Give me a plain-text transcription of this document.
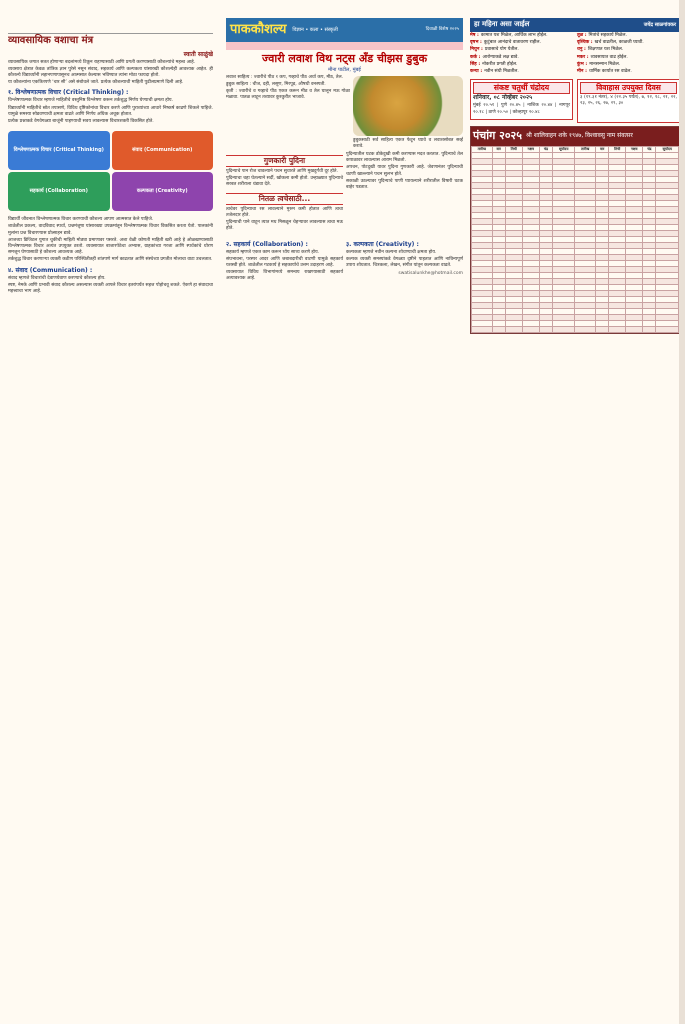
व्यावसायिक वशाचा मंत्र
स्वाती साळुंखे

व्यावसायिक जगात सतत होणाऱ्या बदलांमध्ये टिकून राहण्यासाठी आणि प्रगती करण्यासाठी कौशल्यांचे महत्त्व आहे.

व्यवसाय क्षेत्रात केवळ तांत्रिक ज्ञान पुरेसे नसून संवाद, सहकार्य आणि कल्पकता यांसारखी कौशल्येही आवश्यक आहेत. ही कौशल्ये विद्यार्थ्यांनी लहानपणापासूनच आत्मसात केल्यास भविष्यात त्यांना मोठा फायदा होतो.

या कौशल्यांना एकत्रितपणे ‘चार सी’ असे संबोधले जाते. प्रत्येक कौशल्याची माहिती पुढीलप्रमाणे दिली आहे.

१. विश्लेषणात्मक विचार (Critical Thinking) :

विश्लेषणात्मक विचार म्हणजे माहितीचे वस्तुनिष्ठ विश्लेषण करून तर्कशुद्ध निर्णय घेण्याची क्षमता होय.

विद्यार्थ्यांनी माहितीचे स्रोत तपासणे, विविध दृष्टिकोनांचा विचार करणे आणि पुराव्यांच्या आधारे निष्कर्ष काढणे शिकले पाहिजे. यामुळे समस्या सोडवण्याची क्षमता वाढते आणि निर्णय अधिक अचूक होतात.

प्रत्येक प्रश्नाकडे वेगवेगळ्या बाजूंनी पाहण्याची सवय लावल्यास विचारशक्ती विकसित होते.

विश्लेषणात्मक विचार (Critical Thinking)	संवाद (Communication)
सहकार्य (Collaboration)	कल्पकता (Creativity)

विद्यार्थी जीवनात विश्लेषणात्मक विचार करण्याची कौशल्य आपण आत्मसात केले पाहिजे.

शाळेतील प्रकल्प, वादविवाद स्पर्धा, प्रश्नमंजुषा यांसारख्या उपक्रमांतून विश्लेषणात्मक विचार विकसित करता येतो. पालकांनी मुलांना प्रश्न विचारण्यास प्रोत्साहन द्यावे.

आजच्या डिजिटल युगात चुकीची माहिती मोठ्या प्रमाणावर पसरते. अशा वेळी कोणती माहिती खरी आहे हे ओळखण्यासाठी विश्लेषणात्मक विचार अत्यंत उपयुक्त ठरतो. व्यवसायात बाजारपेठेचा अभ्यास, ग्राहकांच्या गरजा आणि स्पर्धकांचे धोरण समजून घेण्यासाठी हे कौशल्य आवश्यक आहे.

तर्कशुद्ध विचार करणाऱ्या व्यक्ती कठीण परिस्थितीतही शांतपणे मार्ग काढतात आणि संस्थेच्या प्रगतीत मोलाचा वाटा उचलतात.

४. संवाद (Communication) :

संवाद म्हणजे विचारांची देवाणघेवाण करण्याचे कौशल्य होय.

स्पष्ट, नेमके आणि प्रभावी संवाद कौशल्य असल्यास व्यक्ती आपले विचार इतरांपर्यंत सहज पोहोचवू शकते. ऐकणे हा संवादाचा महत्त्वाचा भाग आहे.

पाककौशल्य विज्ञान • कला • संस्कृती	दिवाळी विशेष २०२५
ज्वारी लवाश विथ नट्स अँड चीझस डुबुक
मीना पाटील, मुंबई

लवाश साहित्य : ज्वारीचे पीठ १ कप, गव्हाचे पीठ अर्धा कप, मीठ, तेल.

डुबुक साहित्य : चीज, दही, लसूण, मिरपूड, औषधी वनस्पती.

कृती : ज्वारीचे व गव्हाचे पीठ एकत्र करून मीठ व तेल घालून मऊ गोळा मळावा. पातळ लाटून तव्यावर कुरकुरीत भाजावे.

डुबुकसाठी सर्व साहित्य एकत्र फेटून घ्यावे व लवाशसोबत सर्व्ह करावे.

गुणकारी पुदिना

पुदिन्याचे पान रोज चावल्याने पचन सुधारते आणि मुखदुर्गंधी दूर होते.

पुदिन्याचा चहा घेतल्याने सर्दी, खोकला कमी होतो. उन्हाळ्यात पुदिन्याचे सरबत शरीराला थंडावा देते.

नितळ त्वचेसाठी...

त्वचेवर पुदिन्याचा रस लावल्याने मुरुम कमी होतात आणि त्वचा तजेलदार होते.

पुदिन्याची पाने वाटून त्यात मध मिसळून चेहऱ्यावर लावल्यास त्वचा मऊ होते.

पुदिन्यातील घटक डोकेदुखी कमी करण्यास मदत करतात. पुदिन्याचे तेल कपाळावर लावल्यास आराम मिळतो.

अपचन, पोटदुखी यावर पुदिना गुणकारी आहे. जेवणानंतर पुदिन्याची चटणी खाल्ल्याने पचन सुलभ होते.

सकाळी उठल्यावर पुदिन्याचे पाणी प्यायल्याने शरीरातील विषारी घटक बाहेर पडतात.

२. सहकार्य (Collaboration) :

सहकार्य म्हणजे एकत्र काम करून ध्येय साध्य करणे होय.

संघभावना, परस्पर आदर आणि जबाबदारीची वाटणी यामुळे सहकार्य यशस्वी होते. शाळेतील गटकार्य हे सहकार्याचे उत्तम उदाहरण आहे.

व्यवसायात विविध विभागांमध्ये समन्वय राखण्यासाठी सहकार्य अत्यावश्यक आहे.

३. कल्पकता (Creativity) :

कल्पकता म्हणजे नवीन कल्पना शोधण्याची क्षमता होय.

कल्पक व्यक्ती समस्यांकडे वेगळ्या दृष्टीने पाहतात आणि नाविन्यपूर्ण उपाय शोधतात. चित्रकला, लेखन, संगीत यांतून कल्पकता वाढते.

swatisalunkhe@hotmail.com
हा महिना असा जाईल	जयेंद्र साळगांवकर
मेष : कामात यश मिळेल, आर्थिक लाभ होईल.
वृषभ : कुटुंबात आनंदाचे वातावरण राहील.
मिथुन : प्रवासाचे योग येतील.
कर्क : आरोग्याकडे लक्ष द्यावे.
सिंह : नोकरीत प्रगती होईल.
कन्या : नवीन संधी मिळतील.
तूळ : मित्रांचे सहकार्य मिळेल.
वृश्चिक : खर्च वाढतील, काळजी घ्यावी.
धनु : शिक्षणात यश मिळेल.
मकर : व्यवसायात वाढ होईल.
कुंभ : मानसन्मान मिळेल.
मीन : धार्मिक कार्यात रस वाढेल.
संकष्ट चतुर्थी चंद्रोदय
शनिवार, ०८ नोव्हेंबर २०२५

मुंबई २०.५१ | पुणे २०.४५ | नाशिक २०.४४ | नागपूर २०.१८ | ठाणे २०.५० | कोल्हापूर २०.४८

विवाहास उपयुक्त दिवस

३ (१९.३१ नंतर), ४ (२२.३५ पर्यंत), ७, १२, १८, २१, २२, २३, २५, २६, २७, २९, ३०

पंचांग २०२५ श्री शालिवाहन शके १९४७, विश्वावसु नाम संवत्सर
तारीख	वार	तिथी	नक्षत्र	चंद्र	सूर्योदय	तारीख	वार	तिथी	नक्षत्र	चंद्र	सूर्योदय
